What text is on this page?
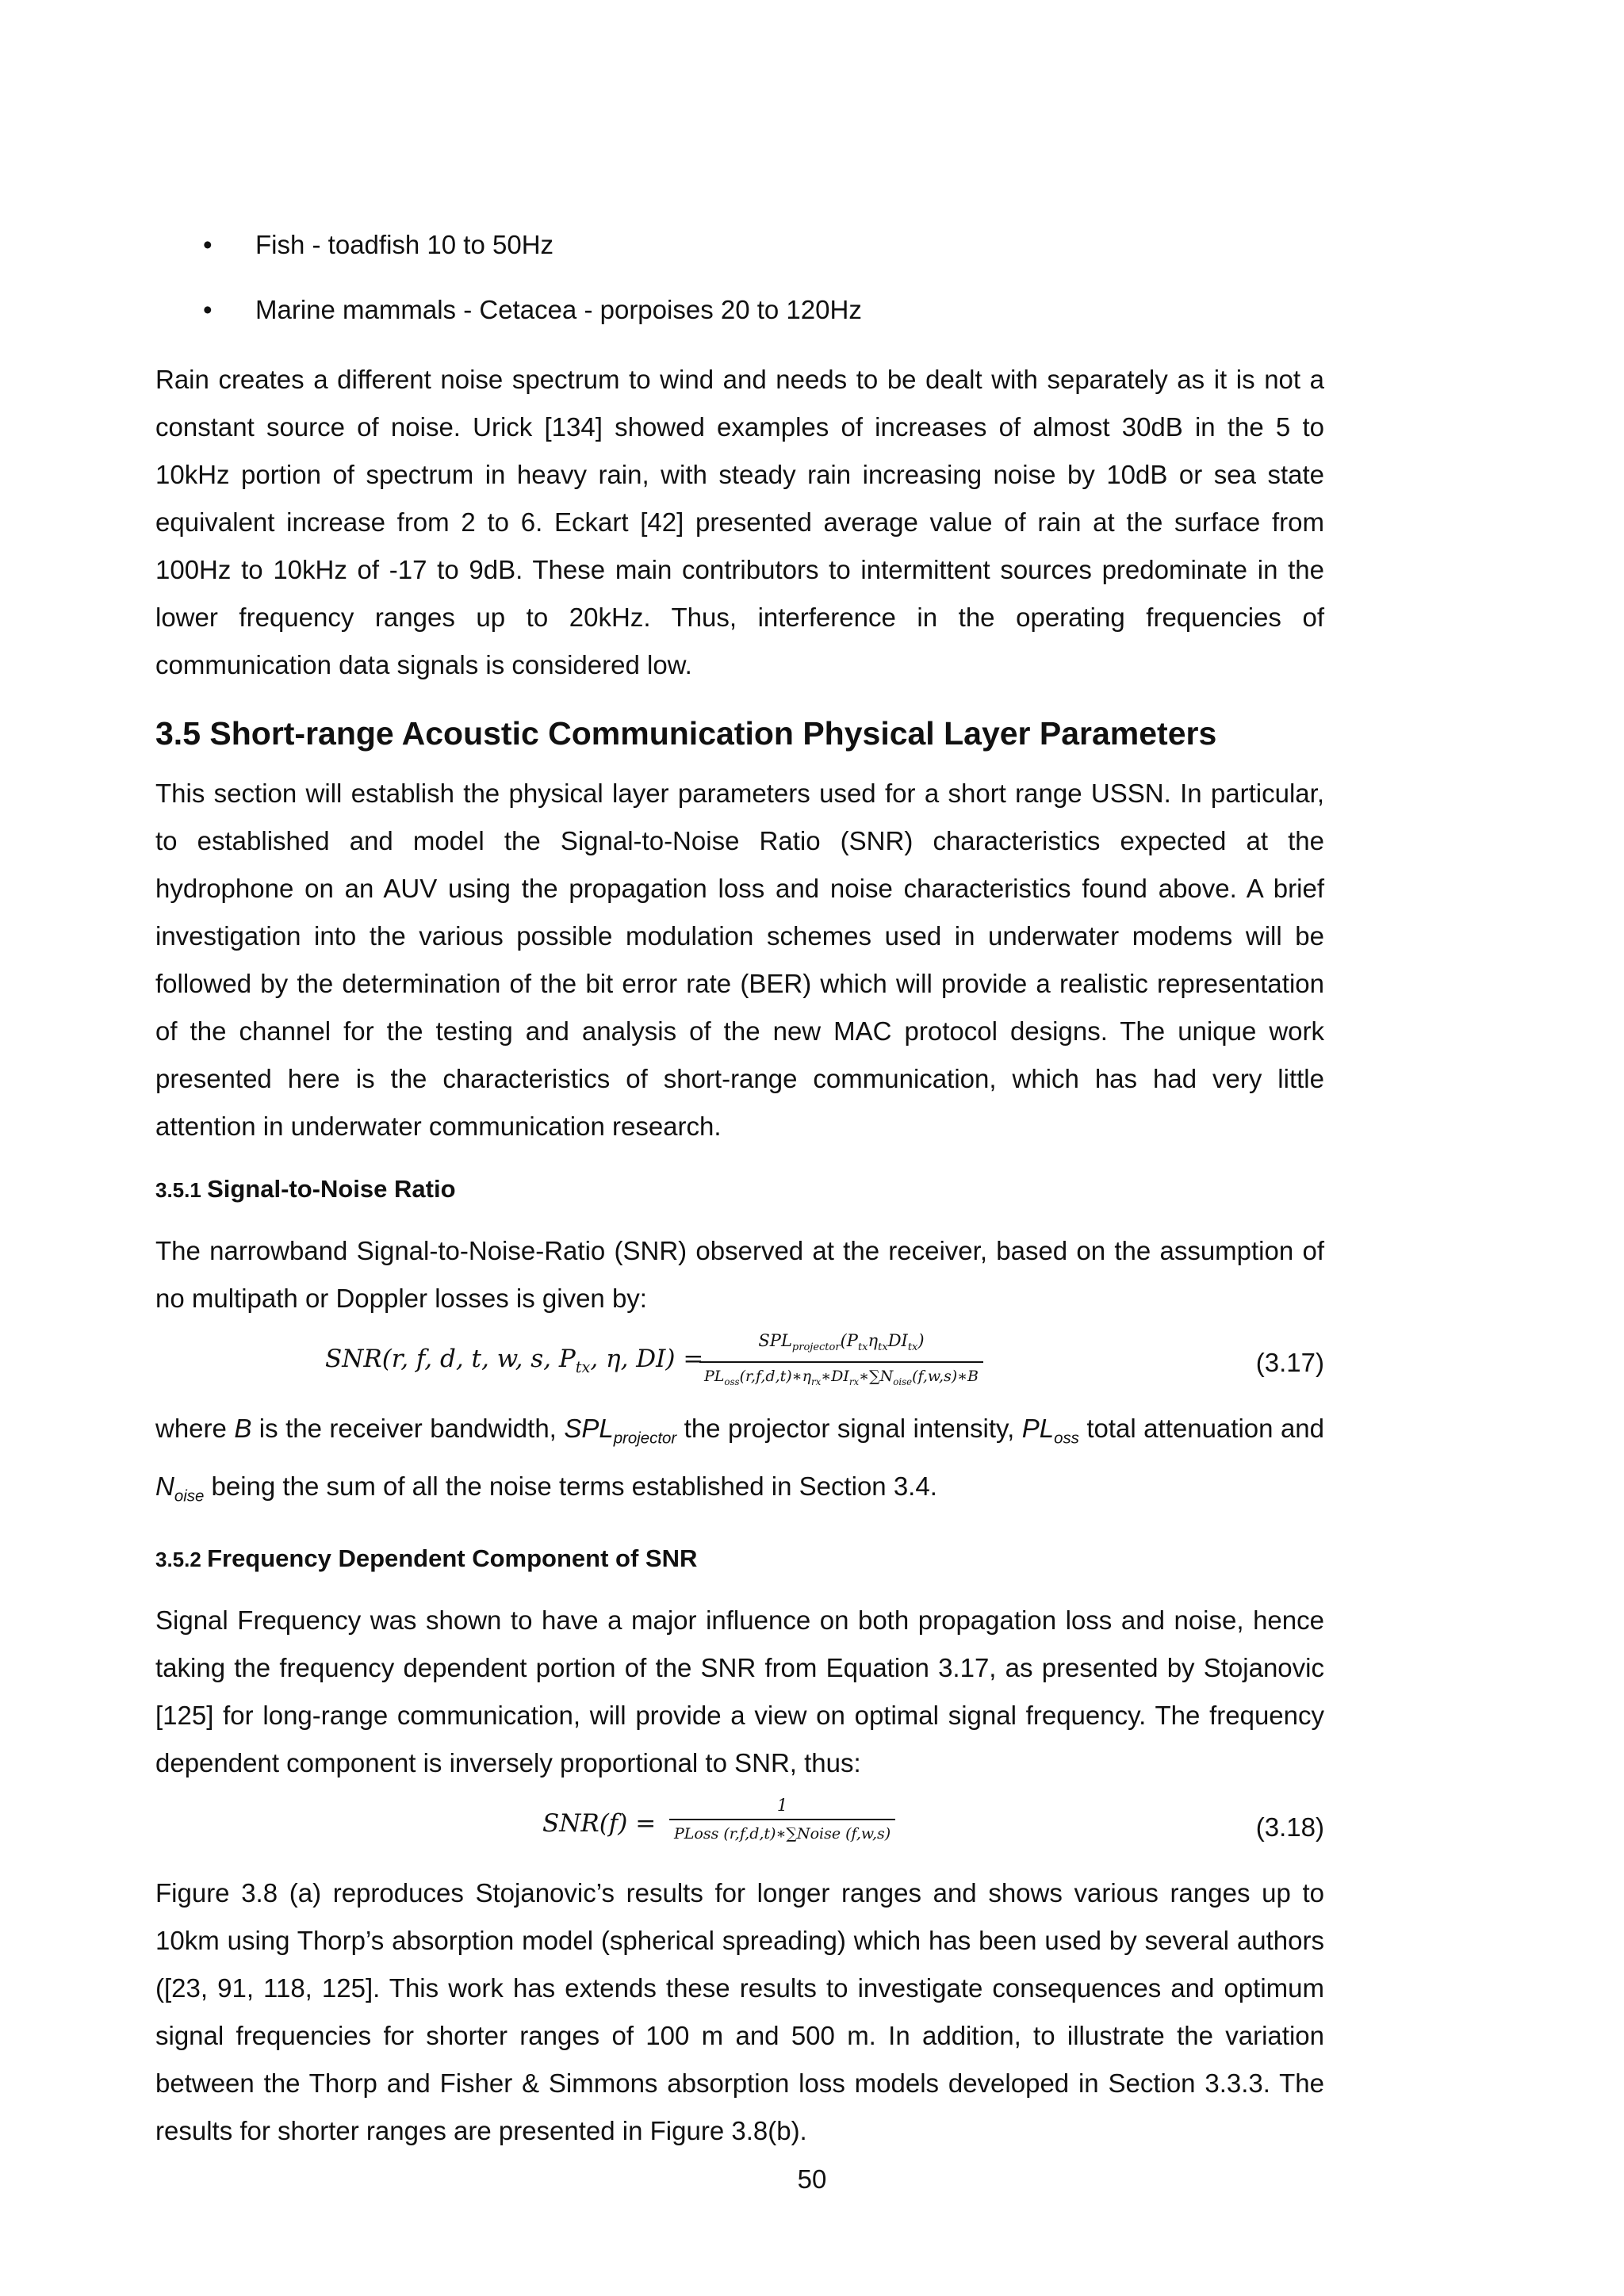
• Fish - toadfish 10 to 50Hz
• Marine mammals - Cetacea - porpoises 20 to 120Hz

Rain creates a different noise spectrum to wind and needs to be dealt with separately as it is not a constant source of noise. Urick [134] showed examples of increases of almost 30dB in the 5 to 10kHz portion of spectrum in heavy rain, with steady rain increasing noise by 10dB or sea state equivalent increase from 2 to 6. Eckart [42] presented average value of rain at the surface from 100Hz to 10kHz of -17 to 9dB. These main contributors to intermittent sources predominate in the lower frequency ranges up to 20kHz. Thus, interference in the operating frequencies of communication data signals is considered low.

3.5 Short-range Acoustic Communication Physical Layer Parameters

This section will establish the physical layer parameters used for a short range USSN. In particular, to established and model the Signal-to-Noise Ratio (SNR) characteristics expected at the hydrophone on an AUV using the propagation loss and noise characteristics found above. A brief investigation into the various possible modulation schemes used in underwater modems will be followed by the determination of the bit error rate (BER) which will provide a realistic representation of the channel for the testing and analysis of the new MAC protocol designs. The unique work presented here is the characteristics of short-range communication, which has had very little attention in underwater communication research.

3.5.1 Signal-to-Noise Ratio

The narrowband Signal-to-Noise-Ratio (SNR) observed at the receiver, based on the assumption of no multipath or Doppler losses is given by:

SNR(r, f, d, t, w, s, $P_{tx}$, η, DI) =
$SPL_{projector}(P_{tx}\eta_{tx}DI_{tx})$
$PL_{oss}(r,f,d,t)∗\eta_{rx}∗DI_{rx}∗\sum N_{oise}(f,w,s)∗B$	(3.17)

where B is the receiver bandwidth, $SPL_{projector}$ the projector signal intensity, $PL_{oss}$ total attenuation and $N_{oise}$ being the sum of all the noise terms established in Section 3.4.

3.5.2 Frequency Dependent Component of SNR

Signal Frequency was shown to have a major influence on both propagation loss and noise, hence taking the frequency dependent portion of the SNR from Equation 3.17, as presented by Stojanovic [125] for long-range communication, will provide a view on optimal signal frequency. The frequency dependent component is inversely proportional to SNR, thus:

SNR(f) =
1
PLoss (r,f,d,t)∗∑Noise (f,w,s)	(3.18)

Figure 3.8 (a) reproduces Stojanovic’s results for longer ranges and shows various ranges up to 10km using Thorp’s absorption model (spherical spreading) which has been used by several authors ([23, 91, 118, 125]. This work has extends these results to investigate consequences and optimum signal frequencies for shorter ranges of 100 m and 500 m. In addition, to illustrate the variation between the Thorp and Fisher & Simmons absorption loss models developed in Section 3.3.3. The results for shorter ranges are presented in Figure 3.8(b).

50
